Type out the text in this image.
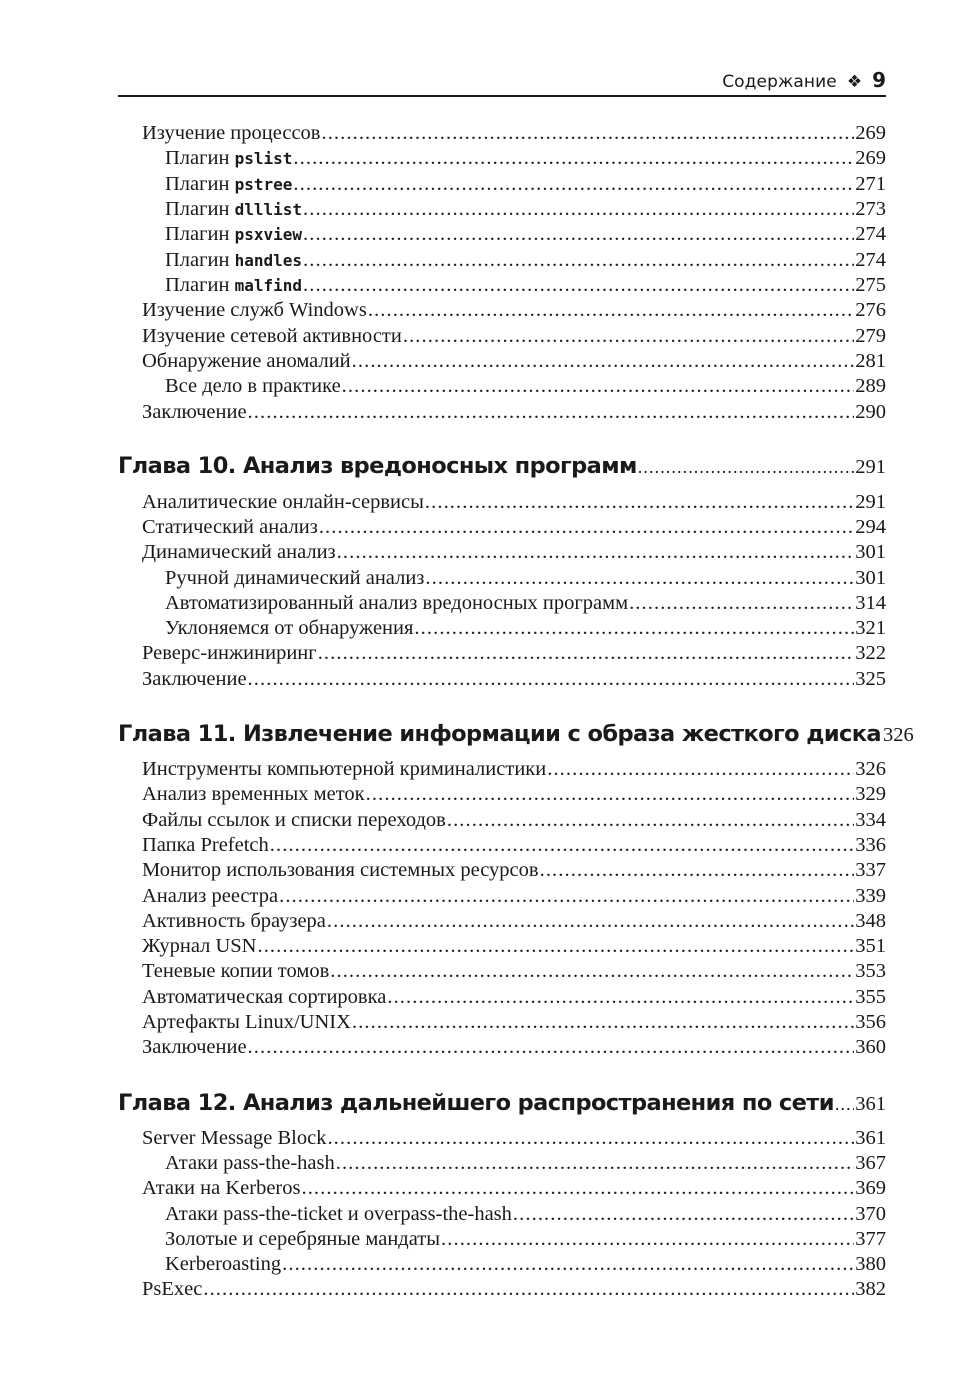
Содержание ❖ 9
Изучение процессов .....	269
Плагин pslist .....	269
Плагин pstree .....	271
Плагин dlllist .....	273
Плагин psxview .....	274
Плагин handles .....	274
Плагин malfind .....	275
Изучение служб Windows .....	276
Изучение сетевой активности .....	279
Обнаружение аномалий .....	281
Все дело в практике .....	289
Заключение .....	290
Глава 10. Анализ вредоносных программ .....	291
Аналитические онлайн-сервисы .....	291
Статический анализ .....	294
Динамический анализ .....	301
Ручной динамический анализ .....	301
Автоматизированный анализ вредоносных программ .....	314
Уклоняемся от обнаружения .....	321
Реверс-инжиниринг .....	322
Заключение .....	325
Глава 11. Извлечение информации с образа жесткого диска 326
Инструменты компьютерной криминалистики .....	326
Анализ временных меток .....	329
Файлы ссылок и списки переходов .....	334
Папка Prefetch .....	336
Монитор использования системных ресурсов .....	337
Анализ реестра .....	339
Активность браузера .....	348
Журнал USN .....	351
Теневые копии томов .....	353
Автоматическая сортировка .....	355
Артефакты Linux/UNIX .....	356
Заключение .....	360
Глава 12. Анализ дальнейшего распространения по сети ..... 361
Server Message Block .....	361
Атаки pass-the-hash .....	367
Атаки на Kerberos .....	369
Атаки pass-the-ticket и overpass-the-hash .....	370
Золотые и серебряные мандаты .....	377
Kerberoasting .....	380
PsExec .....	382
